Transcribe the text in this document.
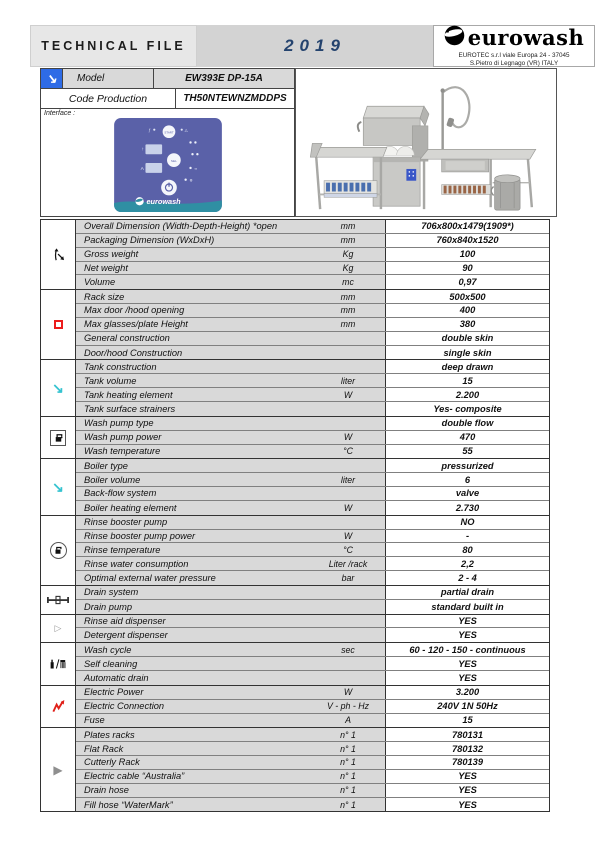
TECHNICAL FILE	2019	eurowash
EUROTEC s.r.l viale Europa 24 - 37045
S.Pietro di Legnago (VR) ITALY
↘	Model	EW393E DP-15A
Code Production	TH50NTEWNZMDDPS
Interface :
START
ƒ	△
↑
A
SEL
∞
⚙
eurowash
Overall Dimension (Width-Depth-Height) *open	mm	706x800x1479(1909*)
Packaging Dimension (WxDxH)	mm	760x840x1520
Gross weight	Kg	100
Net weight	Kg	90
Volume	mc	0,97
Rack size	mm	500x500
Max door /hood opening	mm	400
Max glasses/plate Height	mm	380
General construction	double skin
Door/hood Construction	single skin
↘
Tank construction	deep drawn
Tank volume	liter	15
Tank heating element	W	2.200
Tank surface strainers	Yes- composite
Wash pump type	double flow
Wash pump power	W	470
Wash temperature	°C	55
↘
Boiler type	pressurized
Boiler volume	liter	6
Back-flow system	valve
Boiler heating element	W	2.730
Rinse booster pump	NO
Rinse booster pump power	W	-
Rinse temperature	°C	80
Rinse water consumption	Liter /rack	2,2
Optimal external water pressure	bar	2 - 4
Drain system	partial drain
Drain pump	standard built in
▷
Rinse aid dispenser	YES
Detergent dispenser	YES
Wash cycle	sec	60 - 120 - 150 - continuous
Self cleaning	YES
Automatic drain	YES
Electric Power	W	3.200
Electric Connection	V - ph - Hz	240V 1N 50Hz
Fuse	A	15
▶
Plates racks	n° 1	780131
Flat Rack	n° 1	780132
Cutterly Rack	n° 1	780139
Electric cable “Australia”	n° 1	YES
Drain hose	n° 1	YES
Fill hose “WaterMark”	n° 1	YES
